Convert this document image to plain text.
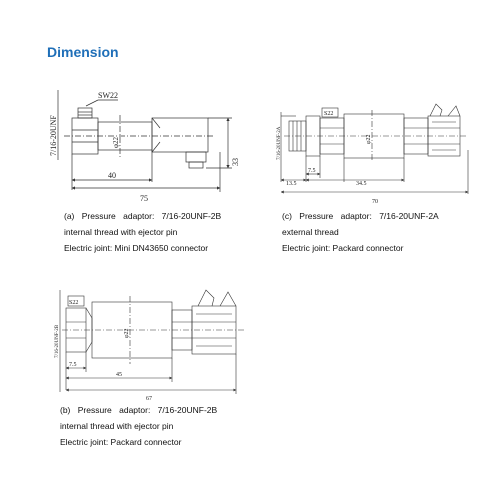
Dimension
7/16-20UNF
SW22
φ22
40
75
33
7/16-20UNF-2A
S22
φ22
7.5
13.5	34.5
70
7/16-20UNF-2B
S22
φ22
7.5
45
67
(a) Pressure adaptor: 7/16-20UNF-2B
internal thread with ejector pin
Electric joint: Mini DN43650 connector
(c) Pressure adaptor: 7/16-20UNF-2A
external thread
Electric joint: Packard connector
(b) Pressure adaptor: 7/16-20UNF-2B
internal thread with ejector pin
Electric joint: Packard connector
